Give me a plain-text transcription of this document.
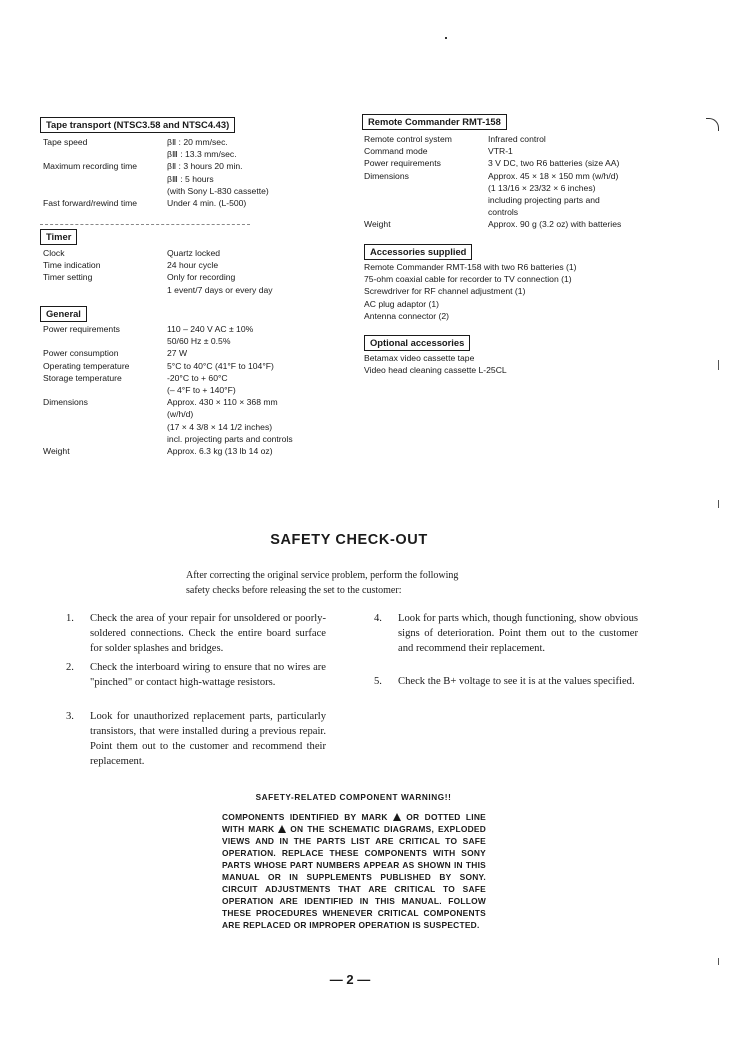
Tape transport (NTSC3.58 and NTSC4.43)
Tape speed	βⅡ : 20 mm/sec.
βⅢ : 13.3 mm/sec.
Maximum recording time	βⅡ : 3 hours 20 min.
βⅢ : 5 hours
(with Sony L-830 cassette)
Fast forward/rewind time	Under 4 min. (L-500)
Timer
Clock	Quartz locked
Time indication	24 hour cycle
Timer setting	Only for recording
1 event/7 days or every day
General
Power requirements	110 – 240 V AC ± 10%
50/60 Hz ± 0.5%
Power consumption	27 W
Operating temperature	5°C to 40°C (41°F to 104°F)
Storage temperature	-20°C to + 60°C
(– 4°F to + 140°F)
Dimensions	Approx. 430 × 110 × 368 mm
(w/h/d)
(17 × 4 3/8 × 14 1/2 inches)
incl. projecting parts and controls
Weight	Approx. 6.3 kg (13 lb 14 oz)
Remote Commander RMT-158
Remote control system	Infrared control
Command mode	VTR-1
Power requirements	3 V DC, two R6 batteries (size AA)
Dimensions	Approx. 45 × 18 × 150 mm (w/h/d)
(1 13/16 × 23/32 × 6 inches)
including projecting parts and
controls
Weight	Approx. 90 g (3.2 oz) with batteries
Accessories supplied
Remote Commander RMT-158 with two R6 batteries (1)
75-ohm coaxial cable for recorder to TV connection (1)
Screwdriver for RF channel adjustment (1)
AC plug adaptor (1)
Antenna connector (2)
Optional accessories
Betamax video cassette tape
Video head cleaning cassette L-25CL
SAFETY CHECK-OUT
After correcting the original service problem, perform the following
safety checks before releasing the set to the customer:
1. Check the area of your repair for unsoldered or poorly-soldered connections. Check the entire board surface for solder splashes and bridges.
2. Check the interboard wiring to ensure that no wires are "pinched" or contact high-wattage resistors.
3. Look for unauthorized replacement parts, particularly transistors, that were installed during a previous repair. Point them out to the customer and recommend their replacement.
4. Look for parts which, though functioning, show obvious signs of deterioration. Point them out to the customer and recommend their replacement.
5. Check the B+ voltage to see it is at the values specified.
SAFETY-RELATED COMPONENT WARNING!!
COMPONENTS IDENTIFIED BY MARK OR DOTTED LINE WITH MARK ON THE SCHEMATIC DIAGRAMS, EXPLODED VIEWS AND IN THE PARTS LIST ARE CRITICAL TO SAFE OPERATION. REPLACE THESE COMPONENTS WITH SONY PARTS WHOSE PART NUMBERS APPEAR AS SHOWN IN THIS MANUAL OR IN SUPPLEMENTS PUBLISHED BY SONY. CIRCUIT ADJUSTMENTS THAT ARE CRITICAL TO SAFE OPERATION ARE IDENTIFIED IN THIS MANUAL. FOLLOW THESE PROCEDURES WHENEVER CRITICAL COMPONENTS ARE REPLACED OR IMPROPER OPERATION IS SUSPECTED.
— 2 —
